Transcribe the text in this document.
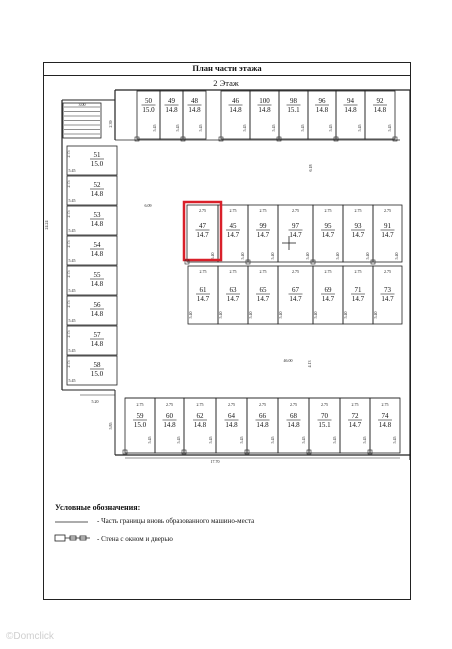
План части этажа
2 Этаж
3.00
2.39
50
15.0
5.45
49
14.8
5.45
48
14.8
5.45
46
14.8
5.45
100
14.8
5.45
98
15.1
5.45
96
14.8
5.45
94
14.8
5.45
92
14.8
5.45
6.18
51
15.0
2.75
5.45
52
14.8
2.75
5.45
53
14.8
2.75
5.45
54
14.8
2.75
5.45
55
14.8
2.75
5.45
56
14.8
2.75
5.45
57
14.8
2.75
5.45
58
15.0
2.75
5.45
24.24
6.09
47
14.7
2.75
5.40
45
14.7
2.75
5.40
99
14.7
2.75
5.40
97
14.7
2.75
5.40
95
14.7
2.75
5.40
93
14.7
2.75
5.40
91
14.7
2.75
5.40
61
14.7
2.75
5.40
63
14.7
2.75
5.40
65
14.7
2.75
5.40
67
14.7
2.75
5.40
69
14.7
2.75
5.40
71
14.7
2.75
5.40
73
14.7
2.75
5.40
46.00	4.13
59
15.0
2.75
5.45
60
14.8
2.75
5.45
62
14.8
2.75
5.45
64
14.8
2.75
5.45
66
14.8
2.75
5.45
68
14.8
2.75
5.45
70
15.1
2.75
5.45
72
14.7
2.75
5.45
74
14.8
2.75
5.45
5.20
5.85
17.70
Условные обозначения:
- Часть границы вновь образованного машино-места
- Стена с окном и дверью
©Domclick
